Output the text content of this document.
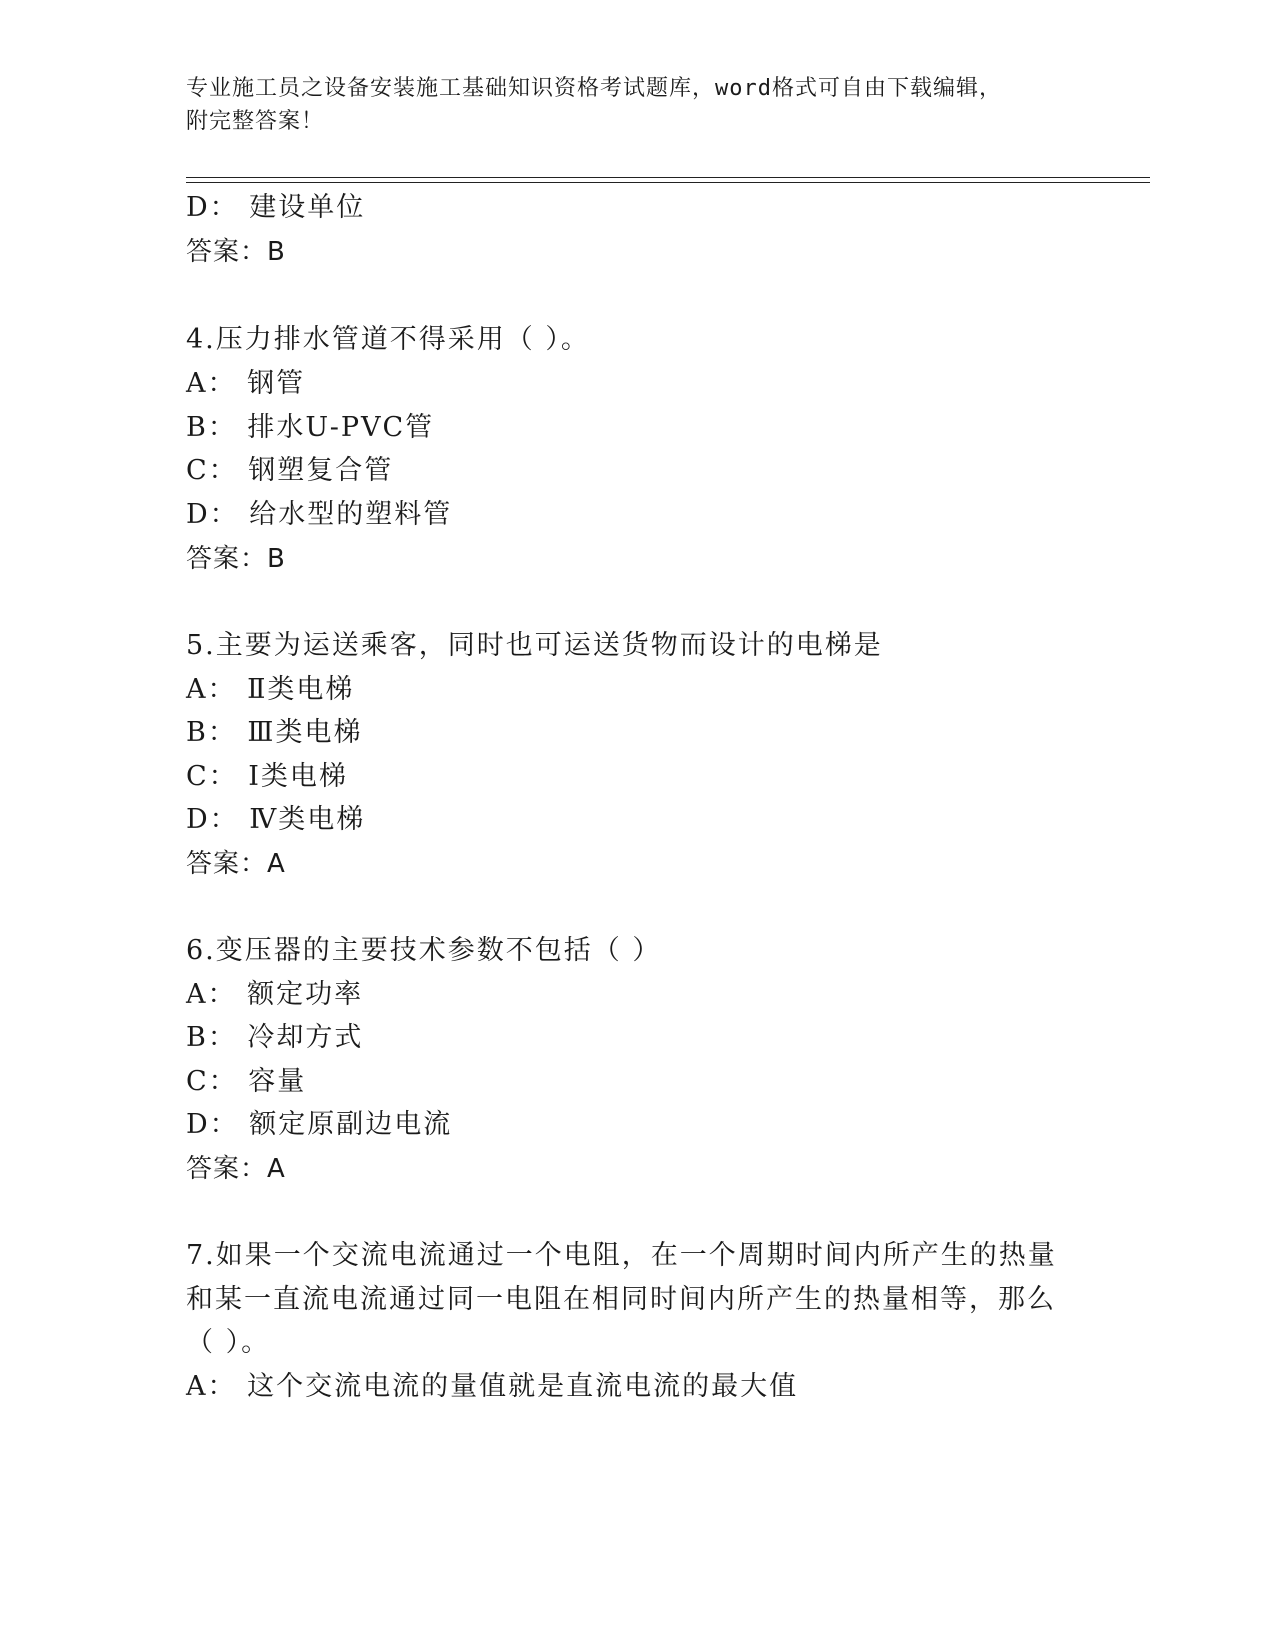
专业施工员之设备安装施工基础知识资格考试题库，word格式可自由下载编辑，
附完整答案！
D： 建设单位
答案：B
4.压力排水管道不得采用（ ）。
A： 钢管
B： 排水U-PVC管
C： 钢塑复合管
D： 给水型的塑料管
答案：B
5.主要为运送乘客，同时也可运送货物而设计的电梯是
A： Ⅱ类电梯
B： Ⅲ类电梯
C： Ⅰ类电梯
D： Ⅳ类电梯
答案：A
6.变压器的主要技术参数不包括（ ）
A： 额定功率
B： 冷却方式
C： 容量
D： 额定原副边电流
答案：A
7.如果一个交流电流通过一个电阻，在一个周期时间内所产生的热量
和某一直流电流通过同一电阻在相同时间内所产生的热量相等，那么
（ ）。
A： 这个交流电流的量值就是直流电流的最大值
